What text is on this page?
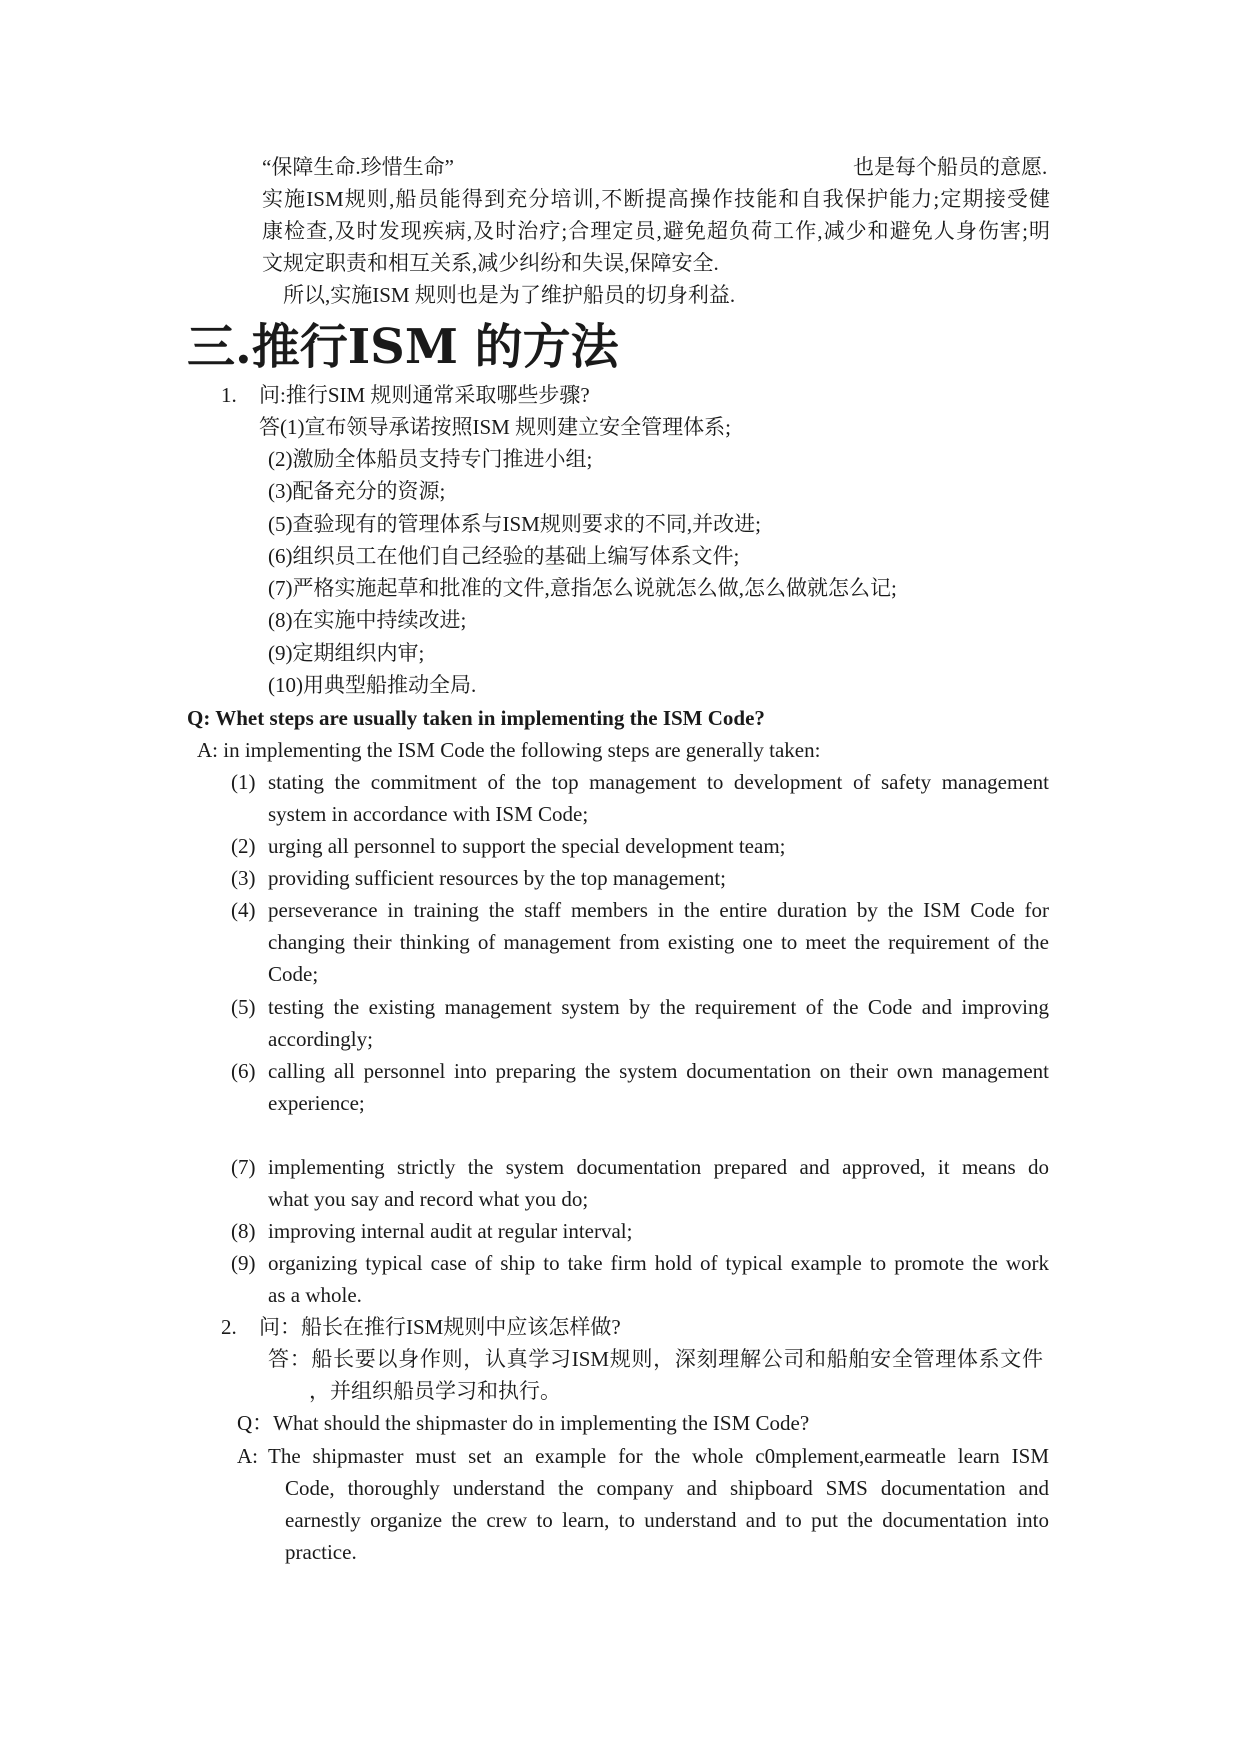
“保障生命.珍惜生命”	也是每个船员的意愿.
实施ISM规则,船员能得到充分培训,不断提高操作技能和自我保护能力;定期接受健
康检查,及时发现疾病,及时治疗;合理定员,避免超负荷工作,减少和避免人身伤害;明
文规定职责和相互关系,减少纠纷和失误,保障安全.
所以,实施ISM 规则也是为了维护船员的切身利益.
三.推行ISM 的方法
1. 问:推行SIM 规则通常采取哪些步骤?
答(1)宣布领导承诺按照ISM 规则建立安全管理体系;
(2)激励全体船员支持专门推进小组;
(3)配备充分的资源;
(5)查验现有的管理体系与ISM规则要求的不同,并改进;
(6)组织员工在他们自己经验的基础上编写体系文件;
(7)严格实施起草和批准的文件,意指怎么说就怎么做,怎么做就怎么记;
(8)在实施中持续改进;
(9)定期组织内审;
(10)用典型船推动全局.
Q: Whet steps are usually taken in implementing the ISM Code?
A: in implementing the ISM Code the following steps are generally taken:
(1) stating the commitment of the top management to development of safety management
system in accordance with ISM Code;
(2) urging all personnel to support the special development team;
(3) providing sufficient resources by the top management;
(4) perseverance in training the staff members in the entire duration by the ISM Code for
changing their thinking of management from existing one to meet the requirement of the
Code;
(5) testing the existing management system by the requirement of the Code and improving
accordingly;
(6) calling all personnel into preparing the system documentation on their own management
experience;
(7) implementing strictly the system documentation prepared and approved, it means do
what you say and record what you do;
(8) improving internal audit at regular interval;
(9) organizing typical case of ship to take firm hold of typical example to promote the work
as a whole.
2. 问：船长在推行ISM规则中应该怎样做?
答：船长要以身作则，认真学习ISM规则，深刻理解公司和船舶安全管理体系文件
，并组织船员学习和执行。
Q：What should the shipmaster do in implementing the ISM Code?
A: The shipmaster must set an example for the whole c0mplement,earmeatle learn ISM
Code, thoroughly understand the company and shipboard SMS documentation and
earnestly organize the crew to learn, to understand and to put the documentation into
practice.
